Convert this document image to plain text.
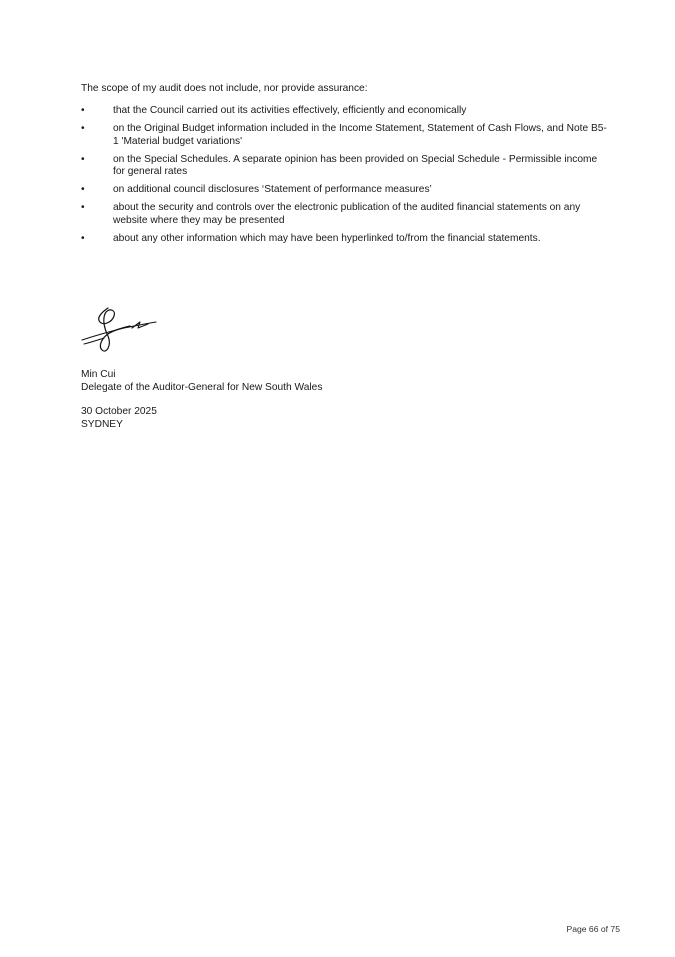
The scope of my audit does not include, nor provide assurance:

•	that the Council carried out its activities effectively, efficiently and economically
•	on the Original Budget information included in the Income Statement, Statement of Cash Flows, and Note B5-1 'Material budget variations'
•	on the Special Schedules. A separate opinion has been provided on Special Schedule - Permissible income for general rates
•	on additional council disclosures ‘Statement of performance measures’
•	about the security and controls over the electronic publication of the audited financial statements on any website where they may be presented
•	about any other information which may have been hyperlinked to/from the financial statements.
Min Cui
Delegate of the Auditor-General for New South Wales
30 October 2025
SYDNEY
Page 66 of 75
